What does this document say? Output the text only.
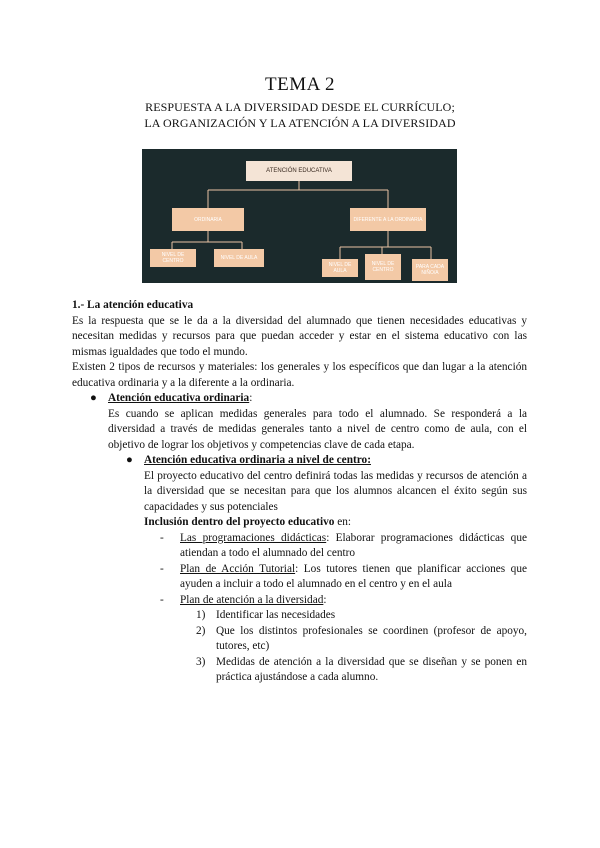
TEMA 2
RESPUESTA A LA DIVERSIDAD DESDE EL CURRÍCULO;
LA ORGANIZACIÓN Y LA ATENCIÓN A LA DIVERSIDAD
ATENCIÓN EDUCATIVA
ORDINARIA	DIFERENTE A LA ORDINARIA
NIVEL DE CENTRO	NIVEL DE AULA
NIVEL DE AULA
NIVEL DE CENTRO	PARA CADA NIÑO/A

1.- La atención educativa

Es la respuesta que se le da a la diversidad del alumnado que tienen necesidades educativas y necesitan medidas y recursos para que puedan acceder y estar en el sistema educativo con las mismas igualdades que todo el mundo.

Existen 2 tipos de recursos y materiales: los generales y los específicos que dan lugar a la atención educativa ordinaria y a la diferente a la ordinaria.

● Atención educativa ordinaria:

Es cuando se aplican medidas generales para todo el alumnado. Se responderá a la diversidad a través de medidas generales tanto a nivel de centro como de aula, con el objetivo de lograr los objetivos y competencias clave de cada etapa.

● Atención educativa ordinaria a nivel de centro:

El proyecto educativo del centro definirá todas las medidas y recursos de atención a la diversidad que se necesitan para que los alumnos alcancen el éxito según sus capacidades y sus potenciales

Inclusión dentro del proyecto educativo en:

- Las programaciones didácticas: Elaborar programaciones didácticas que atiendan a todo el alumnado del centro

- Plan de Acción Tutorial: Los tutores tienen que planificar acciones que ayuden a incluir a todo el alumnado en el centro y en el aula

- Plan de atención a la diversidad:

1) Identificar las necesidades

2) Que los distintos profesionales se coordinen (profesor de apoyo, tutores, etc)

3) Medidas de atención a la diversidad que se diseñan y se ponen en práctica ajustándose a cada alumno.
